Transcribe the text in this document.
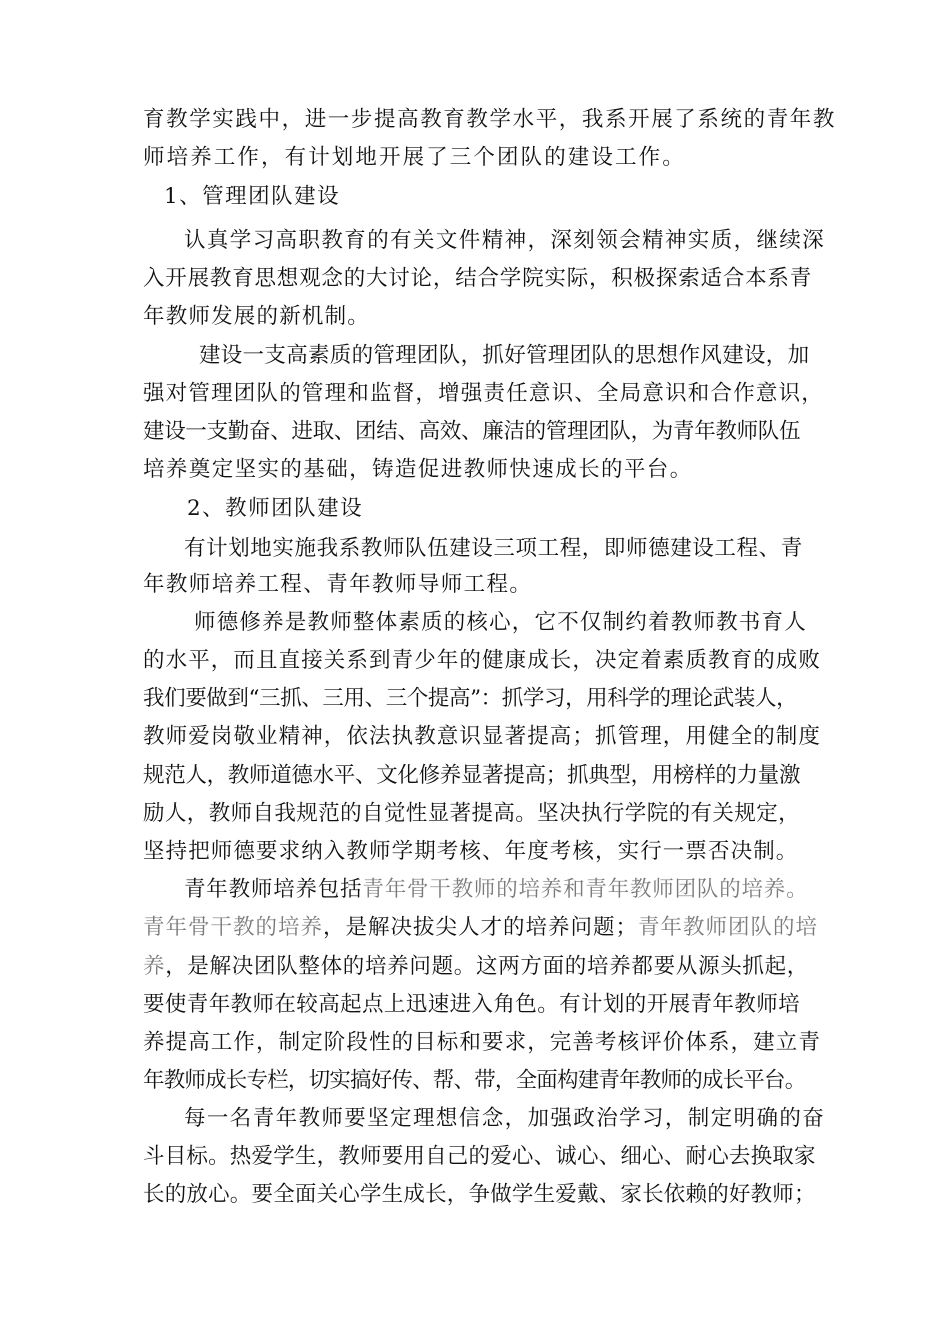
育教学实践中，进一步提高教育教学水平，我系开展了系统的青年教
师培养工作，有计划地开展了三个团队的建设工作。
1、管理团队建设
认真学习高职教育的有关文件精神，深刻领会精神实质，继续深
入开展教育思想观念的大讨论，结合学院实际，积极探索适合本系青
年教师发展的新机制。
建设一支高素质的管理团队，抓好管理团队的思想作风建设，加
强对管理团队的管理和监督，增强责任意识、全局意识和合作意识，
建设一支勤奋、进取、团结、高效、廉洁的管理团队，为青年教师队伍
培养奠定坚实的基础，铸造促进教师快速成长的平台。
2、教师团队建设
有计划地实施我系教师队伍建设三项工程，即师德建设工程、青
年教师培养工程、青年教师导师工程。
师德修养是教师整体素质的核心，它不仅制约着教师教书育人
的水平，而且直接关系到青少年的健康成长，决定着素质教育的成败
我们要做到“三抓、三用、三个提高”：抓学习，用科学的理论武装人，
教师爱岗敬业精神，依法执教意识显著提高；抓管理，用健全的制度
规范人，教师道德水平、文化修养显著提高；抓典型，用榜样的力量激
励人，教师自我规范的自觉性显著提高。坚决执行学院的有关规定，
坚持把师德要求纳入教师学期考核、年度考核，实行一票否决制。
青年教师培养包括青年骨干教师的培养和青年教师团队的培养。
青年骨干教的培养，是解决拔尖人才的培养问题；青年教师团队的培
养，是解决团队整体的培养问题。这两方面的培养都要从源头抓起，
要使青年教师在较高起点上迅速进入角色。有计划的开展青年教师培
养提高工作，制定阶段性的目标和要求，完善考核评价体系，建立青
年教师成长专栏，切实搞好传、帮、带，全面构建青年教师的成长平台。
每一名青年教师要坚定理想信念，加强政治学习，制定明确的奋
斗目标。热爱学生，教师要用自己的爱心、诚心、细心、耐心去换取家
长的放心。要全面关心学生成长，争做学生爱戴、家长依赖的好教师；
